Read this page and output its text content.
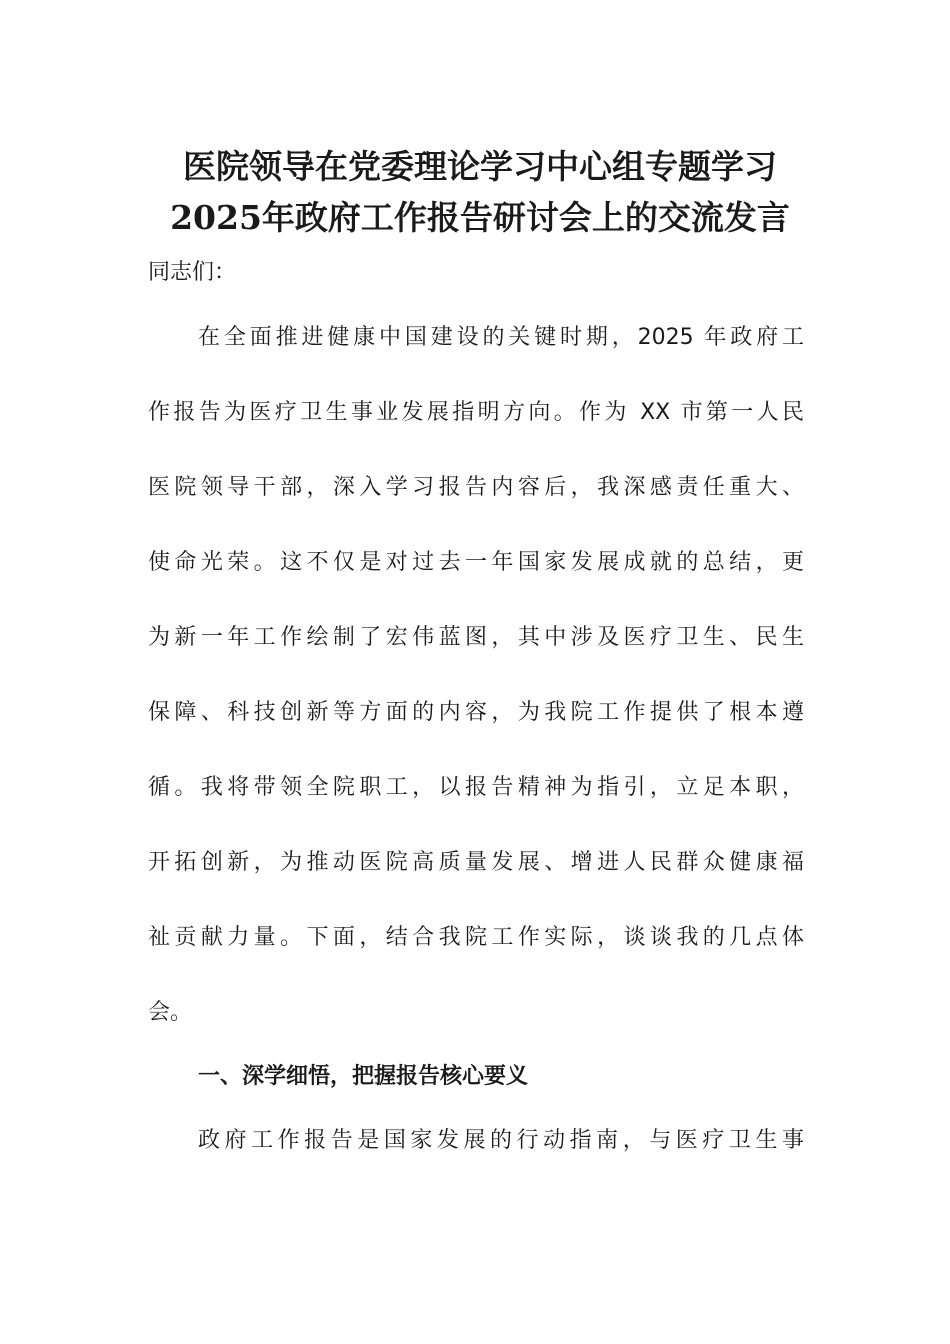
医院领导在党委理论学习中心组专题学习
2025年政府工作报告研讨会上的交流发言
同志们：
在全面推进健康中国建设的关键时期，2025 年政府工
作报告为医疗卫生事业发展指明方向。作为 XX 市第一人民
医院领导干部，深入学习报告内容后，我深感责任重大、
使命光荣。这不仅是对过去一年国家发展成就的总结，更
为新一年工作绘制了宏伟蓝图，其中涉及医疗卫生、民生
保障、科技创新等方面的内容，为我院工作提供了根本遵
循。我将带领全院职工，以报告精神为指引，立足本职，
开拓创新，为推动医院高质量发展、增进人民群众健康福
祉贡献力量。下面，结合我院工作实际，谈谈我的几点体
会。
一、深学细悟，把握报告核心要义
政府工作报告是国家发展的行动指南，与医疗卫生事
